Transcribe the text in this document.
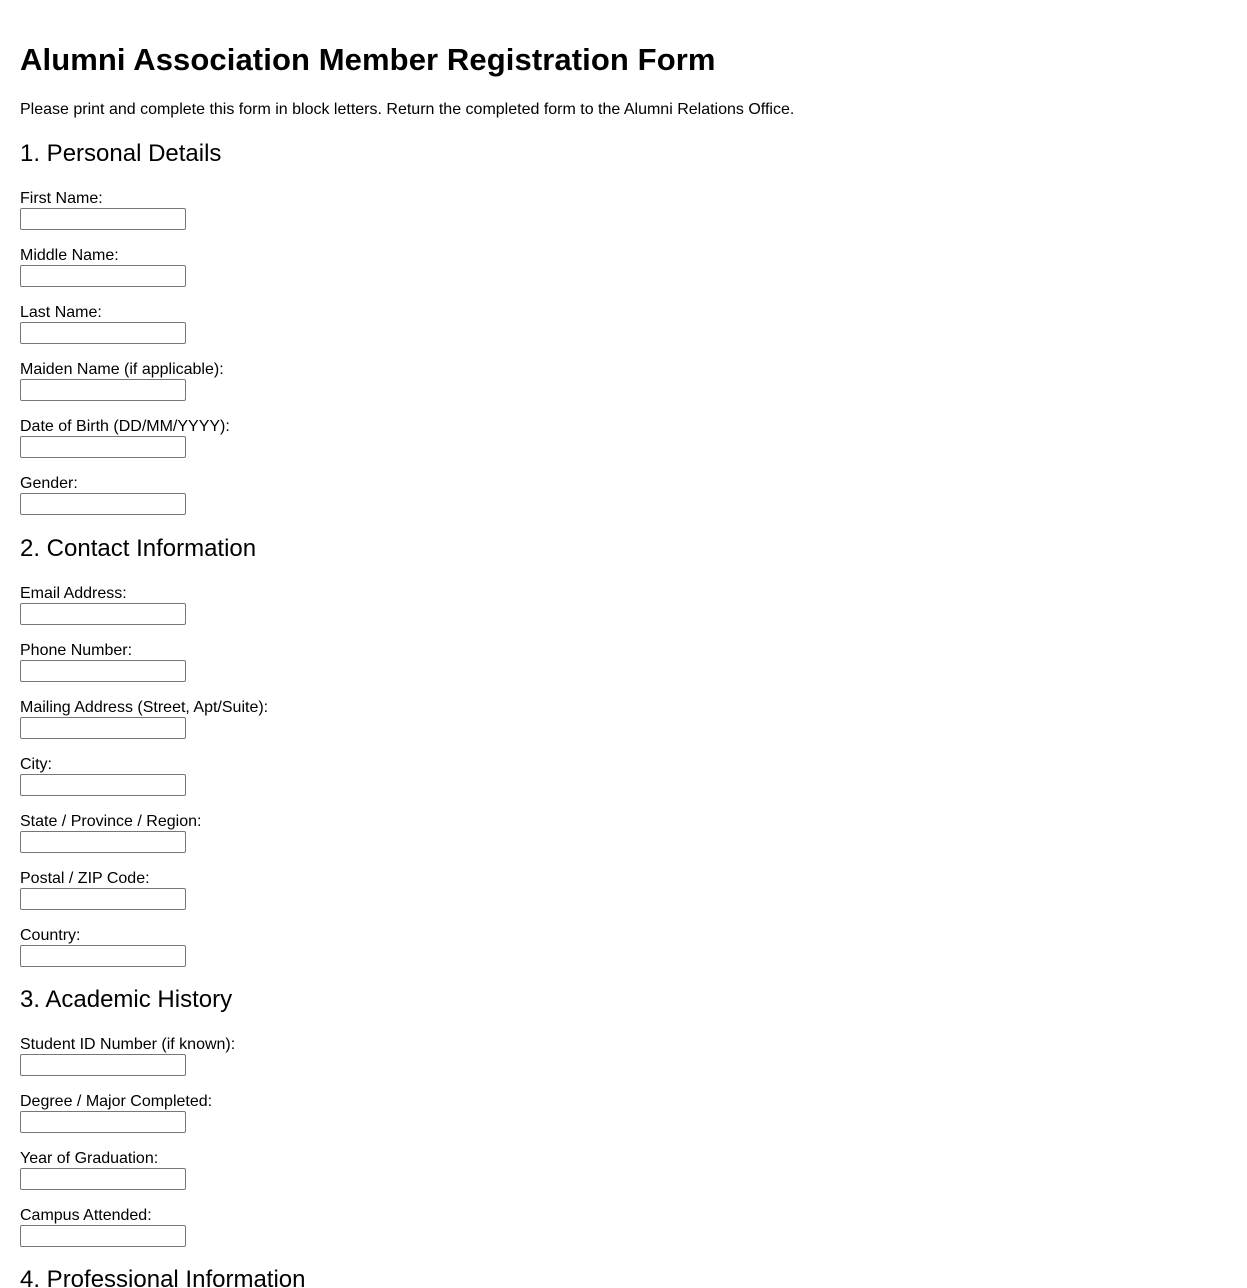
Alumni Association Member Registration Form

Please print and complete this form in block letters. Return the completed form to the Alumni Relations Office.

1. Personal Details
First Name:
Middle Name:
Last Name:
Maiden Name (if applicable):
Date of Birth (DD/MM/YYYY):
Gender:
2. Contact Information
Email Address:
Phone Number:
Mailing Address (Street, Apt/Suite):
City:
State / Province / Region:
Postal / ZIP Code:
Country:
3. Academic History
Student ID Number (if known):
Degree / Major Completed:
Year of Graduation:
Campus Attended:
4. Professional Information
